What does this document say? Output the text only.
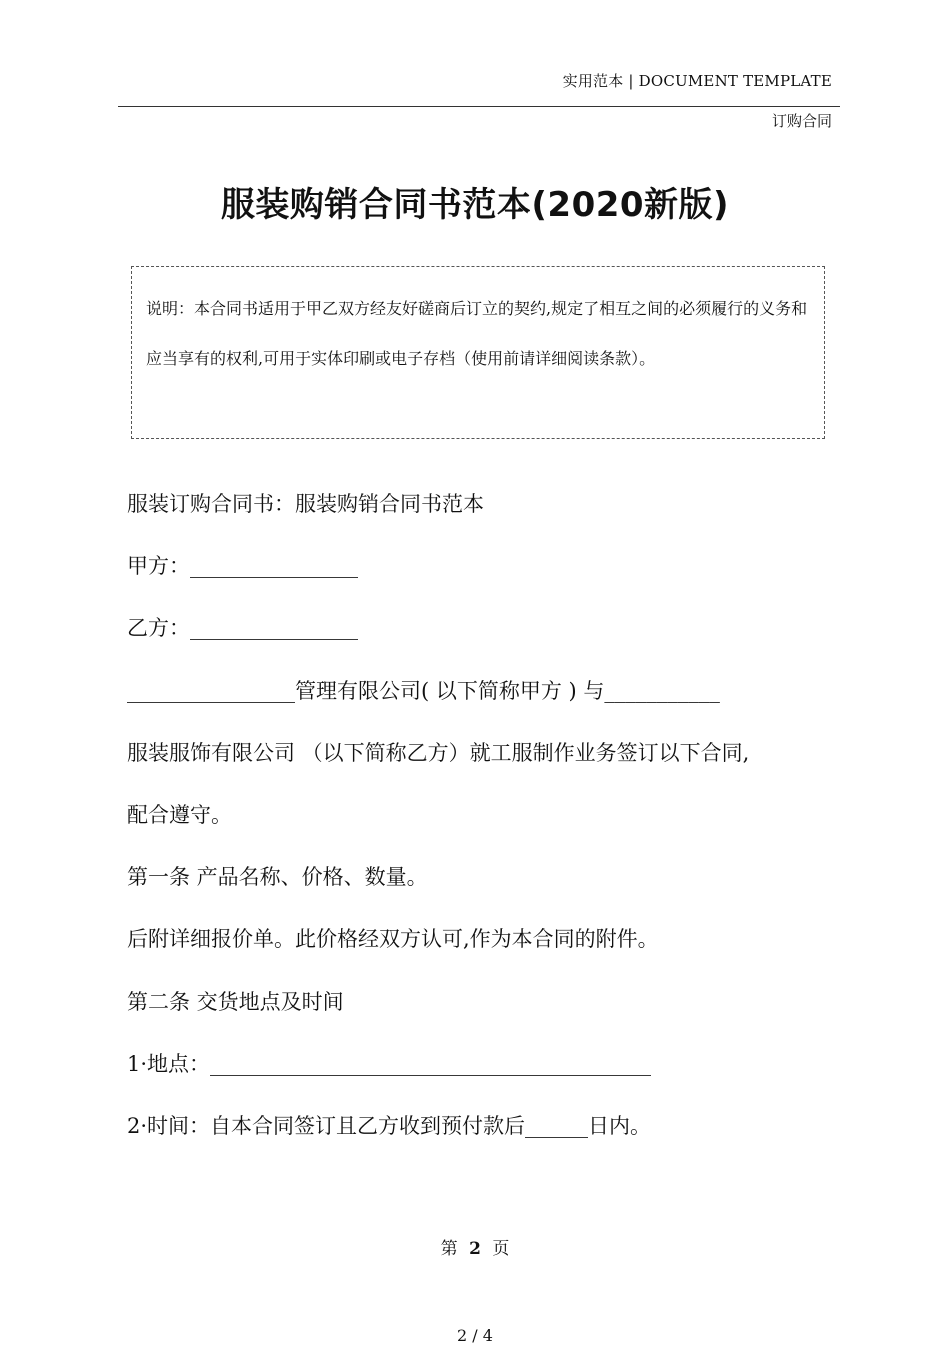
实用范本 | DOCUMENT TEMPLATE
订购合同
服装购销合同书范本(2020新版)
说明：本合同书适用于甲乙双方经友好磋商后订立的契约,规定了相互之间的必须履行的义务和应当享有的权利,可用于实体印刷或电子存档（使用前请详细阅读条款）。
服装订购合同书：服装购销合同书范本
甲方：________________
乙方：________________
________________管理有限公司( 以下简称甲方 ) 与___________
服装服饰有限公司 （以下简称乙方）就工服制作业务签订以下合同,
配合遵守。
第一条 产品名称、价格、数量。
后附详细报价单。此价格经双方认可,作为本合同的附件。
第二条 交货地点及时间
1·地点：__________________________________________
2·时间：自本合同签订且乙方收到预付款后______日内。
第 2 页
2 / 4
